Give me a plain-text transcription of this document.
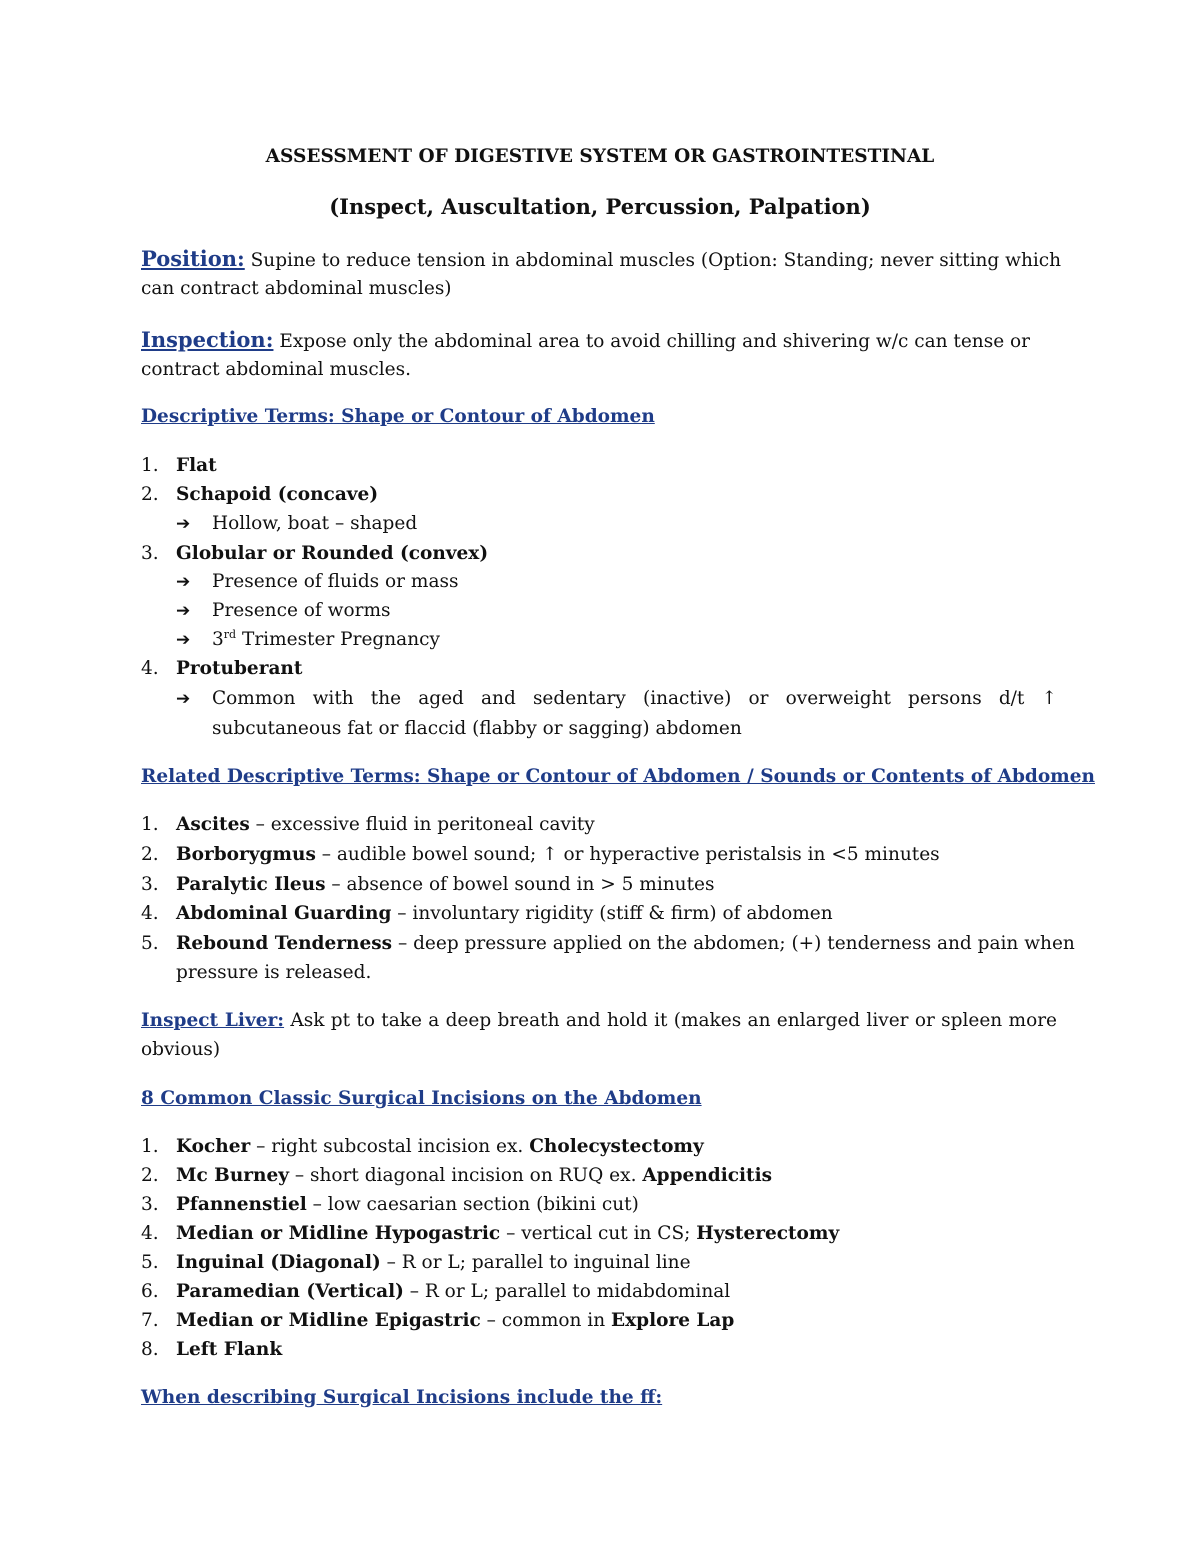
ASSESSMENT OF DIGESTIVE SYSTEM OR GASTROINTESTINAL
(Inspect, Auscultation, Percussion, Palpation)
Position: Supine to reduce tension in abdominal muscles (Option: Standing; never sitting which
can contract abdominal muscles)
Inspection: Expose only the abdominal area to avoid chilling and shivering w/c can tense or
contract abdominal muscles.
Descriptive Terms: Shape or Contour of Abdomen
1. Flat
2. Schapoid (concave)
➔ Hollow, boat – shaped
3. Globular or Rounded (convex)
➔ Presence of fluids or mass
➔ Presence of worms
➔ 3rd Trimester Pregnancy
4. Protuberant
➔ Common with the aged and sedentary (inactive) or overweight persons d/t ↑
subcutaneous fat or flaccid (flabby or sagging) abdomen
Related Descriptive Terms: Shape or Contour of Abdomen / Sounds or Contents of Abdomen
1. Ascites – excessive fluid in peritoneal cavity
2. Borborygmus – audible bowel sound; ↑ or hyperactive peristalsis in <5 minutes
3. Paralytic Ileus – absence of bowel sound in > 5 minutes
4. Abdominal Guarding – involuntary rigidity (stiff & firm) of abdomen
5. Rebound Tenderness – deep pressure applied on the abdomen; (+) tenderness and pain when
pressure is released.
Inspect Liver: Ask pt to take a deep breath and hold it (makes an enlarged liver or spleen more
obvious)
8 Common Classic Surgical Incisions on the Abdomen
1. Kocher – right subcostal incision ex. Cholecystectomy
2. Mc Burney – short diagonal incision on RUQ ex. Appendicitis
3. Pfannenstiel – low caesarian section (bikini cut)
4. Median or Midline Hypogastric – vertical cut in CS; Hysterectomy
5. Inguinal (Diagonal) – R or L; parallel to inguinal line
6. Paramedian (Vertical) – R or L; parallel to midabdominal
7. Median or Midline Epigastric – common in Explore Lap
8. Left Flank
When describing Surgical Incisions include the ff:
